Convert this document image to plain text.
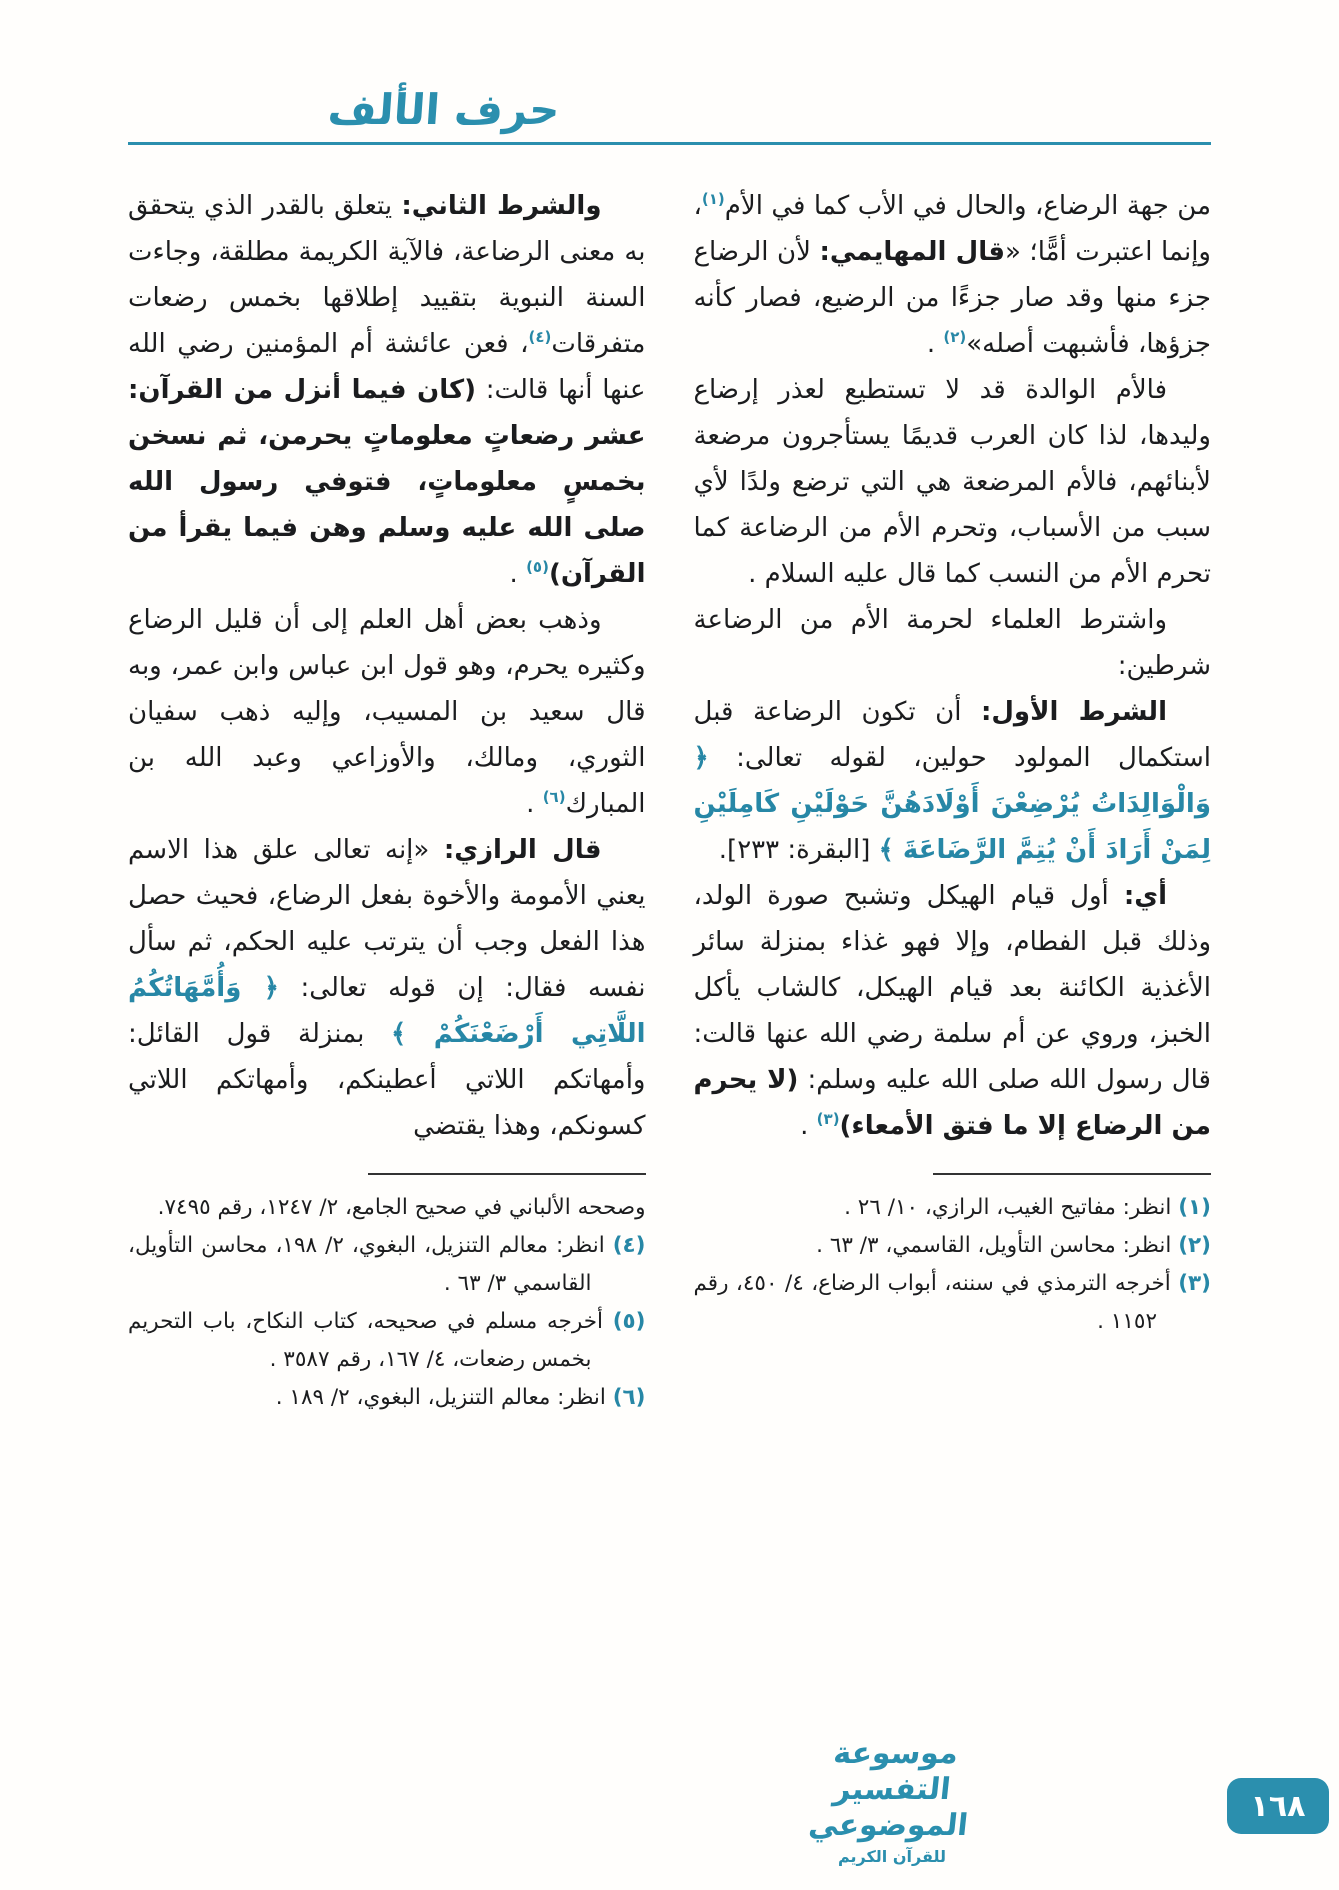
حرف الألف

من جهة الرضاع، والحال في الأب كما في الأم$^{(١)}$، وإنما اعتبرت أمًّا؛ «قال المهايمي: لأن الرضاع جزء منها وقد صار جزءًا من الرضيع، فصار كأنه جزؤها، فأشبهت أصله»$^{(٢)}$ .

فالأم الوالدة قد لا تستطيع لعذر إرضاع وليدها، لذا كان العرب قديمًا يستأجرون مرضعة لأبنائهم، فالأم المرضعة هي التي ترضع ولدًا لأي سبب من الأسباب، وتحرم الأم من الرضاعة كما تحرم الأم من النسب كما قال عليه السلام .

واشترط العلماء لحرمة الأم من الرضاعة شرطين:

الشرط الأول: أن تكون الرضاعة قبل استكمال المولود حولين، لقوله تعالى: ﴿ وَالْوَالِدَاتُ يُرْضِعْنَ أَوْلَادَهُنَّ حَوْلَيْنِ كَامِلَيْنِ لِمَنْ أَرَادَ أَنْ يُتِمَّ الرَّضَاعَةَ ﴾ [البقرة: ٢٣٣].

أي: أول قيام الهيكل وتشبح صورة الولد، وذلك قبل الفطام، وإلا فهو غذاء بمنزلة سائر الأغذية الكائنة بعد قيام الهيكل، كالشاب يأكل الخبز، وروي عن أم سلمة رضي الله عنها قالت: قال رسول الله صلى الله عليه وسلم: (لا يحرم من الرضاع إلا ما فتق الأمعاء)$^{(٣)}$ .

(١) انظر: مفاتيح الغيب، الرازي، ١٠/ ٢٦ .

(٢) انظر: محاسن التأويل، القاسمي، ٣/ ٦٣ .

(٣) أخرجه الترمذي في سننه، أبواب الرضاع، ٤/ ٤٥٠، رقم ١١٥٢ .

والشرط الثاني: يتعلق بالقدر الذي يتحقق به معنى الرضاعة، فالآية الكريمة مطلقة، وجاءت السنة النبوية بتقييد إطلاقها بخمس رضعات متفرقات$^{(٤)}$، فعن عائشة أم المؤمنين رضي الله عنها أنها قالت: (كان فيما أنزل من القرآن: عشر رضعاتٍ معلوماتٍ يحرمن، ثم نسخن بخمسٍ معلوماتٍ، فتوفي رسول الله صلى الله عليه وسلم وهن فيما يقرأ من القرآن)$^{(٥)}$ .

وذهب بعض أهل العلم إلى أن قليل الرضاع وكثيره يحرم، وهو قول ابن عباس وابن عمر، وبه قال سعيد بن المسيب، وإليه ذهب سفيان الثوري، ومالك، والأوزاعي وعبد الله بن المبارك$^{(٦)}$ .

قال الرازي: «إنه تعالى علق هذا الاسم يعني الأمومة والأخوة بفعل الرضاع، فحيث حصل هذا الفعل وجب أن يترتب عليه الحكم، ثم سأل نفسه فقال: إن قوله تعالى: ﴿ وَأُمَّهَاتُكُمُ اللَّاتِي أَرْضَعْنَكُمْ ﴾ بمنزلة قول القائل: وأمهاتكم اللاتي أعطينكم، وأمهاتكم اللاتي كسونكم، وهذا يقتضي

وصححه الألباني في صحيح الجامع، ٢/ ١٢٤٧، رقم ٧٤٩٥.

(٤) انظر: معالم التنزيل، البغوي، ٢/ ١٩٨، محاسن التأويل، القاسمي ٣/ ٦٣ .

(٥) أخرجه مسلم في صحيحه، كتاب النكاح، باب التحريم بخمس رضعات، ٤/ ١٦٧، رقم ٣٥٨٧ .

(٦) انظر: معالم التنزيل، البغوي، ٢/ ١٨٩ .

موسوعة التفسير الموضوعي
للقرآن الكريم
١٦٨
